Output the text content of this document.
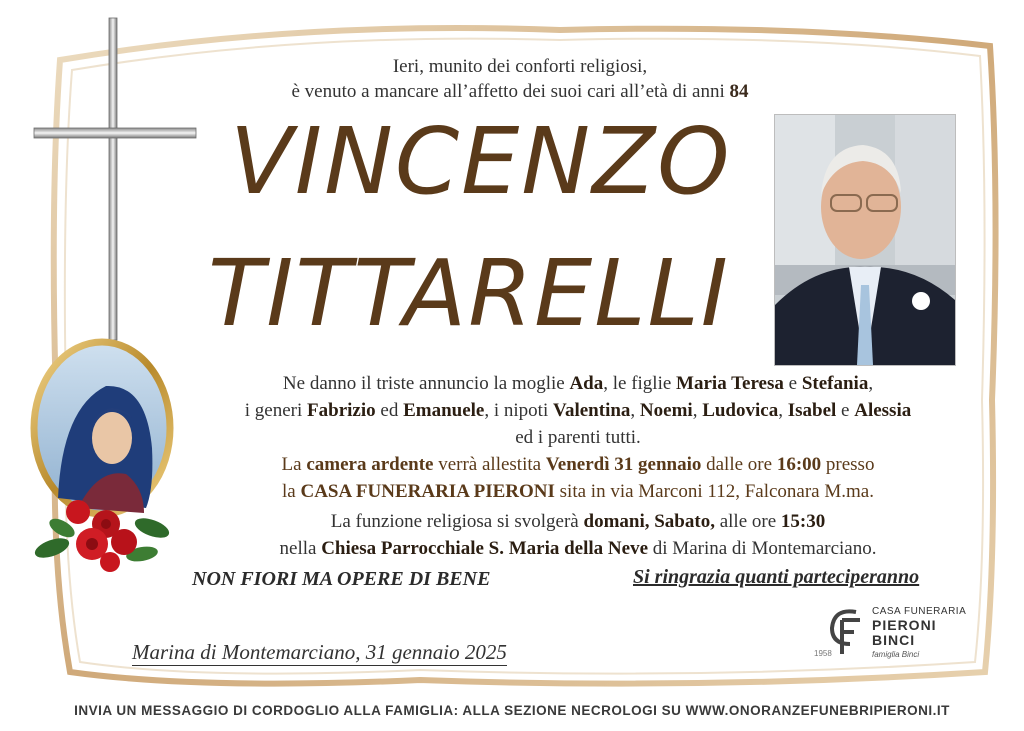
Ieri, munito dei conforti religiosi,
è venuto a mancare all’affetto dei suoi cari all’età di anni 84
VINCENZO
TITTARELLI
Ne danno il triste annuncio la moglie Ada, le figlie Maria Teresa e Stefania,
i generi Fabrizio ed Emanuele, i nipoti Valentina, Noemi, Ludovica, Isabel e Alessia
ed i parenti tutti.
La camera ardente verrà allestita Venerdì 31 gennaio dalle ore 16:00 presso
la CASA FUNERARIA PIERONI sita in via Marconi 112, Falconara M.ma.
La funzione religiosa si svolgerà domani, Sabato, alle ore 15:30
nella Chiesa Parrocchiale S. Maria della Neve di Marina di Montemarciano.
NON FIORI MA OPERE DI BENE	Si ringrazia quanti parteciperanno
Marina di Montemarciano, 31 gennaio 2025
CASA FUNERARIA
PIERONI
BINCI
famiglia Binci
1958
INVIA UN MESSAGGIO DI CORDOGLIO ALLA FAMIGLIA: ALLA SEZIONE NECROLOGI SU WWW.ONORANZEFUNEBRIPIERONI.IT
